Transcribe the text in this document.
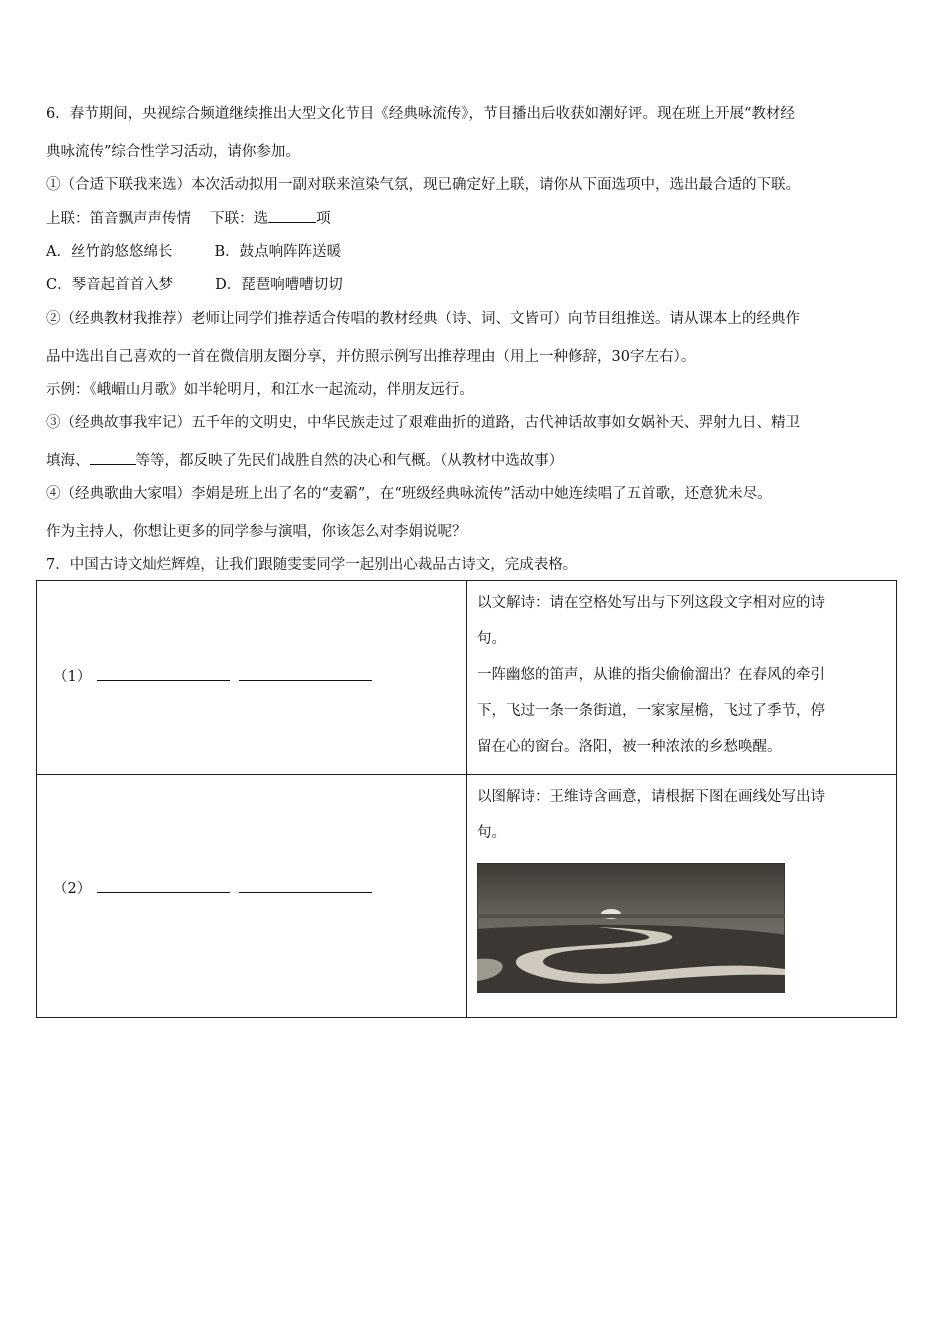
6．春节期间，央视综合频道继续推出大型文化节目《经典咏流传》，节目播出后收获如潮好评。现在班上开展“教材经
典咏流传”综合性学习活动，请你参加。
①（合适下联我来选）本次活动拟用一副对联来渲染气氛，现已确定好上联，请你从下面选项中，选出最合适的下联。
上联：笛音飘声声传情　 下联：选	项
A．丝竹韵悠悠绵长	B．鼓点响阵阵送暖
C．琴音起首首入梦	D．琵琶响嘈嘈切切
②（经典教材我推荐）老师让同学们推荐适合传唱的教材经典（诗、词、文皆可）向节目组推送。请从课本上的经典作
品中选出自己喜欢的一首在微信朋友圈分享，并仿照示例写出推荐理由（用上一种修辞，30字左右）。
示例：《峨嵋山月歌》如半轮明月，和江水一起流动，伴朋友远行。
③（经典故事我牢记）五千年的文明史，中华民族走过了艰难曲折的道路，古代神话故事如女娲补天、羿射九日、精卫
填海、	等等，都反映了先民们战胜自然的决心和气概。（从教材中选故事）
④（经典歌曲大家唱）李娟是班上出了名的“麦霸”，在“班级经典咏流传”活动中她连续唱了五首歌，还意犹未尽。
作为主持人，你想让更多的同学参与演唱，你该怎么对李娟说呢？
7．中国古诗文灿烂辉煌，让我们跟随雯雯同学一起别出心裁品古诗文，完成表格。
（1）	以文解诗：请在空格处写出与下列这段文字相对应的诗
句。
一阵幽悠的笛声，从谁的指尖偷偷溜出？在春风的牵引
下，飞过一条一条街道，一家家屋檐，飞过了季节，停
留在心的窗台。洛阳，被一种浓浓的乡愁唤醒。

（2）	以图解诗：王维诗含画意，请根据下图在画线处写出诗
句。
